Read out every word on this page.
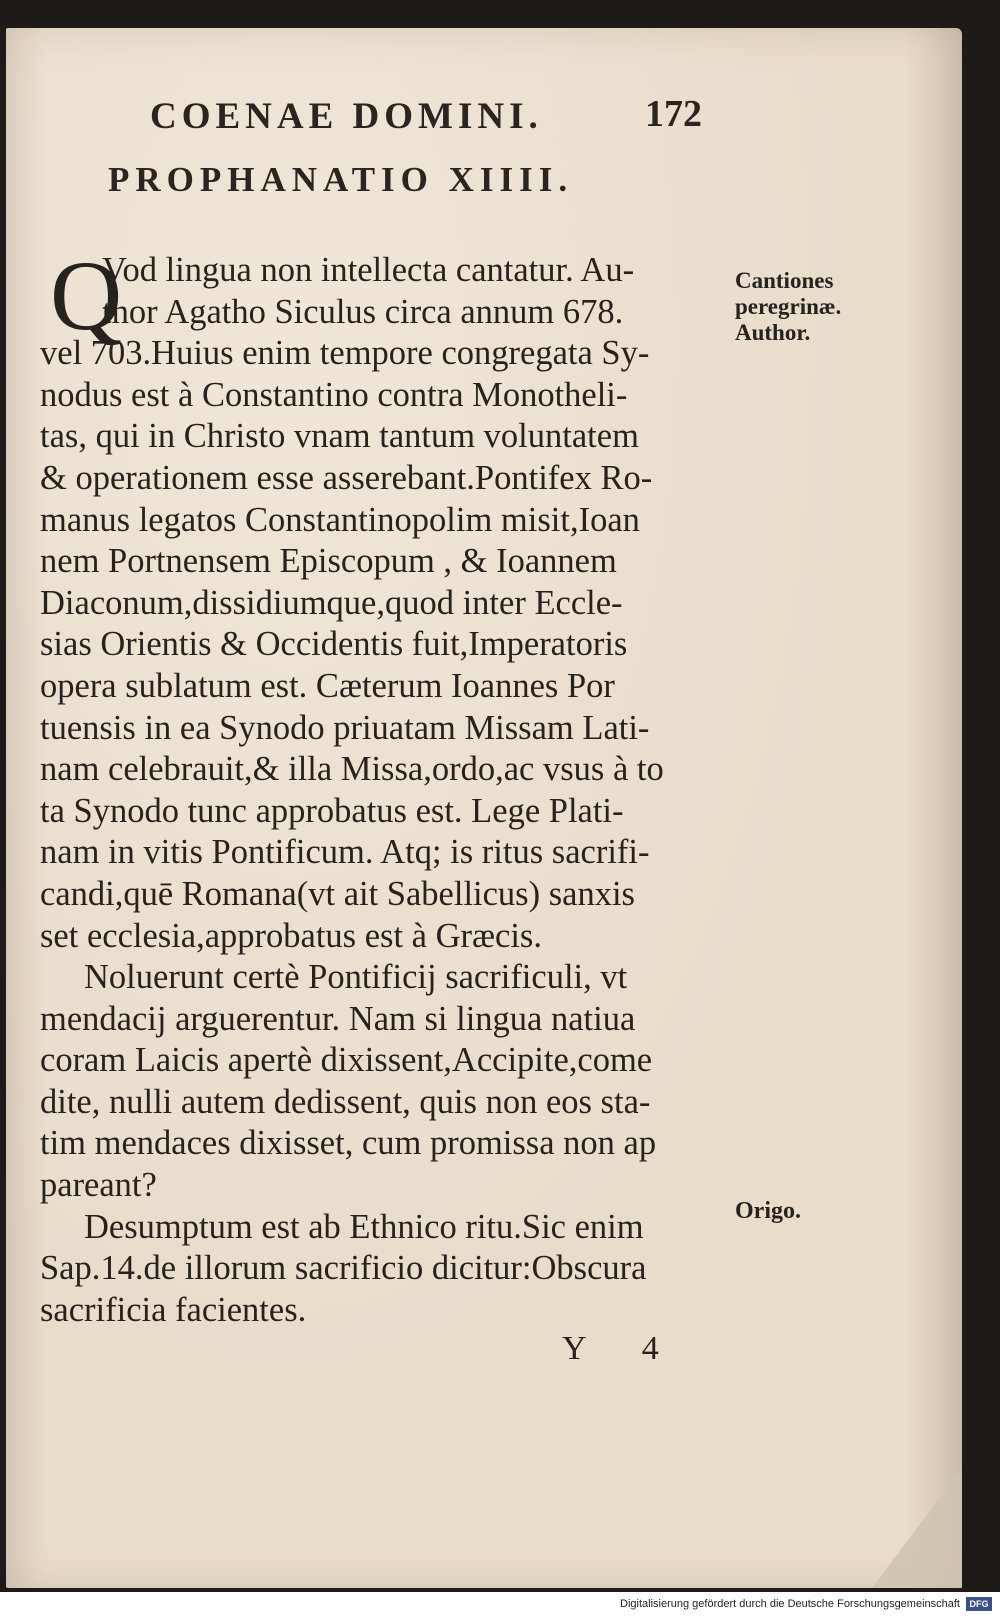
COENAE DOMINI.	172
PROPHANATIO XIIII.
Q
Vod lingua non intellecta cantatur. Au-
thor Agatho Siculus circa annum 678.
vel 703.Huius enim tempore congregata Sy-
nodus est à Constantino contra Monotheli-
tas, qui in Christo vnam tantum voluntatem
& operationem esse asserebant.Pontifex Ro-
manus legatos Constantinopolim misit,Ioan
nem Portnensem Episcopum , & Ioannem
Diaconum,dissidiumque,quod inter Eccle-
sias Orientis & Occidentis fuit,Imperatoris
opera sublatum est. Cæterum Ioannes Por
tuensis in ea Synodo priuatam Missam Lati-
nam celebrauit,& illa Missa,ordo,ac vsus à to
ta Synodo tunc approbatus est. Lege Plati-
nam in vitis Pontificum. Atq; is ritus sacrifi-
candi,quē Romana(vt ait Sabellicus) sanxis
set ecclesia,approbatus est à Græcis.
Noluerunt certè Pontificij sacrificuli, vt
mendacij arguerentur. Nam si lingua natiua
coram Laicis apertè dixissent,Accipite,come
dite, nulli autem dedissent, quis non eos sta-
tim mendaces dixisset, cum promissa non ap
pareant?
Desumptum est ab Ethnico ritu.Sic enim
Sap.14.de illorum sacrificio dicitur:Obscura
sacrificia facientes.
Cantiones
peregrinæ.
Author.
Origo.
Y 4
Digitalisierung gefördert durch die Deutsche Forschungsgemeinschaft	DFG
